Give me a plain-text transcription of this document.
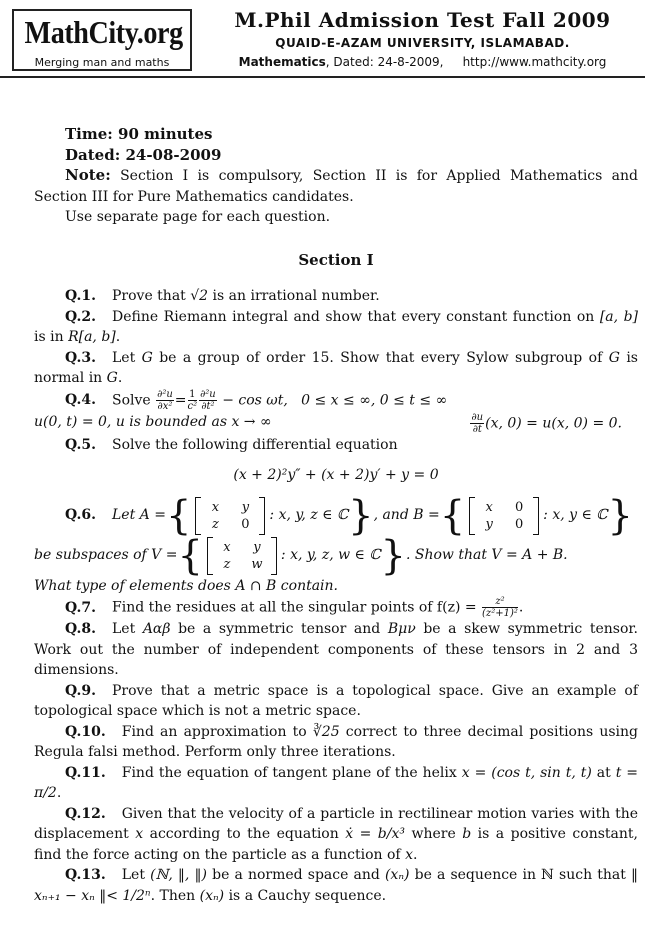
MathCity.org
Merging man and maths
M.Phil Admission Test Fall 2009
QUAID-E-AZAM UNIVERSITY, ISLAMABAD.
Mathematics, Dated: 24-8-2009, http://www.mathcity.org
Time: 90 minutes
Dated: 24-08-2009
Note: Section I is compulsory, Section II is for Applied Mathematics and Section III for Pure Mathematics candidates.
Use separate page for each question.
Section I
Q.1. Prove that √2 is an irrational number.
Q.2. Define Riemann integral and show that every constant function on [a, b] is in R[a, b].
Q.3. Let G be a group of order 15. Show that every Sylow subgroup of G is normal in G.
Q.4. Solve $\frac{\text{∂²u}}{\text{∂x²}} = \frac{1}{\text{c²}} \frac{\text{∂²u}}{\text{∂t²}} - \cos \omega t$, 0 ≤ x ≤ ∞, 0 ≤ t ≤ ∞
u(0, t) = 0, u is bounded as x → ∞	$\frac{\partial u}{\partial t} (x$, 0) = u(x, 0) = 0.
Q.5. Solve the following differential equation
(x + 2)²y″ + (x + 2)y′ + y = 0
Q.6. Let A = {	x	y
z	0
: x, y, z ∈ ℂ } , and B = {	x	0
y	0
: x, y ∈ ℂ }
be subspaces of V = {	x	y
z	w
: x, y, z, w ∈ ℂ } . Show that V = A + B.
What type of elements does A ∩ B contain.
Q.7. Find the residues at all the singular points of $f(z) = \frac{\text{z²}}{\text{(z²+1)²}}$ .
Q.8. Let Aαβ be a symmetric tensor and Bμν be a skew symmetric tensor. Work out the number of independent components of these tensors in 2 and 3 dimensions.
Q.9. Prove that a metric space is a topological space. Give an example of topological space which is not a metric space.
Q.10. Find an approximation to ∛25 correct to three decimal positions using Regula falsi method. Perform only three iterations.
Q.11. Find the equation of tangent plane of the helix x = (cos t, sin t, t) at t = π/2.
Q.12. Given that the velocity of a particle in rectilinear motion varies with the displacement x according to the equation ẋ = b/x³ where b is a positive constant, find the force acting on the particle as a function of x.
Q.13. Let (ℕ, ‖, ‖) be a normed space and (xₙ) be a sequence in ℕ such that ‖ xₙ₊₁ − xₙ ‖< 1/2ⁿ. Then (xₙ) is a Cauchy sequence.
